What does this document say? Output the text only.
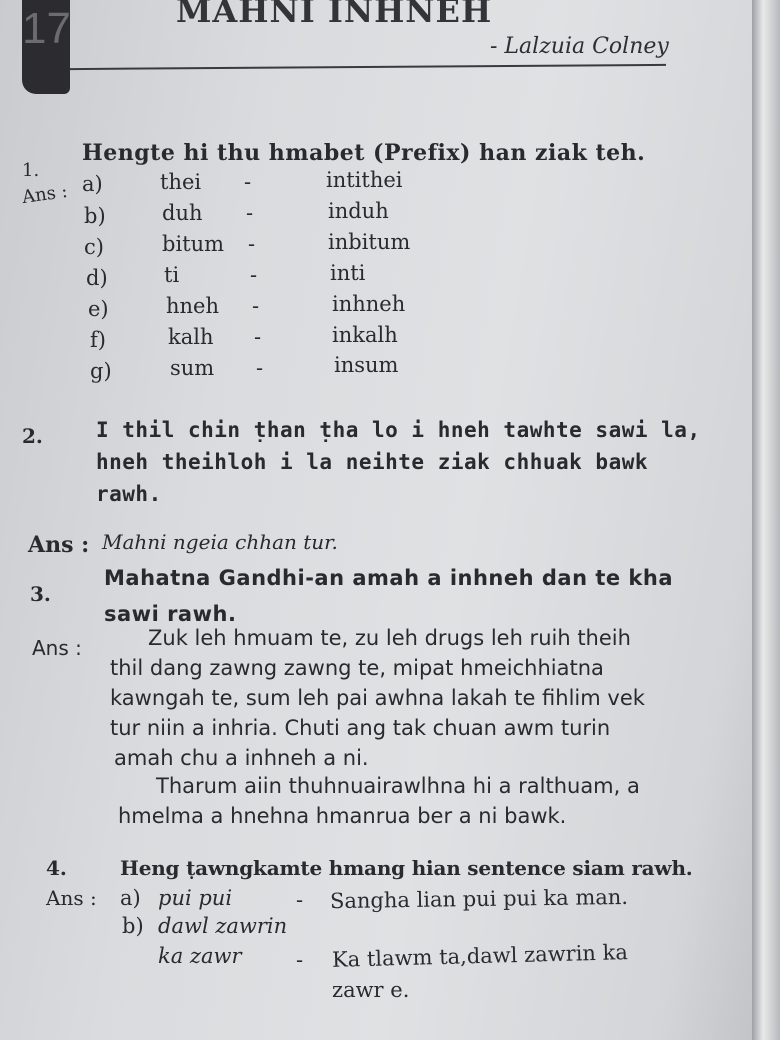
17	MAHNI INHNEH
- Lalzuia Colney
1.
Hengte hi thu hmabet (Prefix) han ziak teh.
Ans : a)	thei -	intithei
b)	duh -	induh
c)	bitum -	inbitum
d)	ti	-	inti
e)	hneh -	inhneh
f)	kalh -	inkalh
g)	sum -	insum
2.	I thil chin ṭhan ṭha lo i hneh tawhte sawi la,
hneh theihloh i la neihte ziak chhuak bawk
rawh.
Ans : Mahni ngeia chhan tur.
3.
Mahatna Gandhi-an amah a inhneh dan te kha
sawi rawh.
Ans :	Zuk leh hmuam te, zu leh drugs leh ruih theih
thil dang zawng zawng te, mipat hmeichhiatna
kawngah te, sum leh pai awhna lakah te fihlim vek
tur niin a inhria. Chuti ang tak chuan awm turin
amah chu a inhneh a ni.
Tharum aiin thuhnuairawlhna hi a ralthuam, a
hmelma a hnehna hmanrua ber a ni bawk.
4.	Heng ṭawngkamte hmang hian sentence siam rawh.
Ans : a) pui pui	- Sangha lian pui pui ka man.
b) dawl zawrin
ka zawr	- Ka tlawm ta,dawl zawrin ka
zawr e.
